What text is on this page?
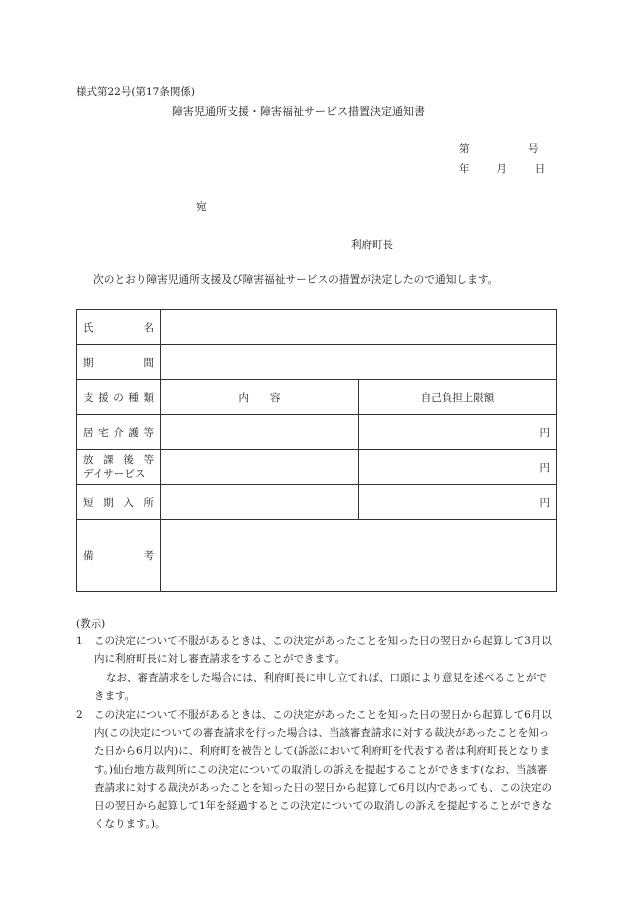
様式第22号(第17条関係)
障害児通所支援・障害福祉サービス措置決定通知書
第	号
年	月	日
宛
利府町長
次のとおり障害児通所支援及び障害福祉サービスの措置が決定したので通知します。
氏 名		

期 間		

支 援 の 種 類	内　　容	自己負担上限額

居 宅 介 護 等		円

放 課 後 等
デイサービス		円

短 期 入 所		円

備 考		

(教示)
1	この決定について不服があるときは、この決定があったことを知った日の翌日から起算して3月以内に利府町長に対し審査請求をすることができます。
なお、審査請求をした場合には、利府町長に申し立てれば、口頭により意見を述べることができます。
2	この決定について不服があるときは、この決定があったことを知った日の翌日から起算して6月以内(この決定についての審査請求を行った場合は、当該審査請求に対する裁決があったことを知った日から6月以内)に、利府町を被告として(訴訟において利府町を代表する者は利府町長となります。)仙台地方裁判所にこの決定についての取消しの訴えを提起することができます(なお、当該審査請求に対する裁決があったことを知った日の翌日から起算して6月以内であっても、この決定の日の翌日から起算して1年を経過するとこの決定についての取消しの訴えを提起することができなくなります。)。
